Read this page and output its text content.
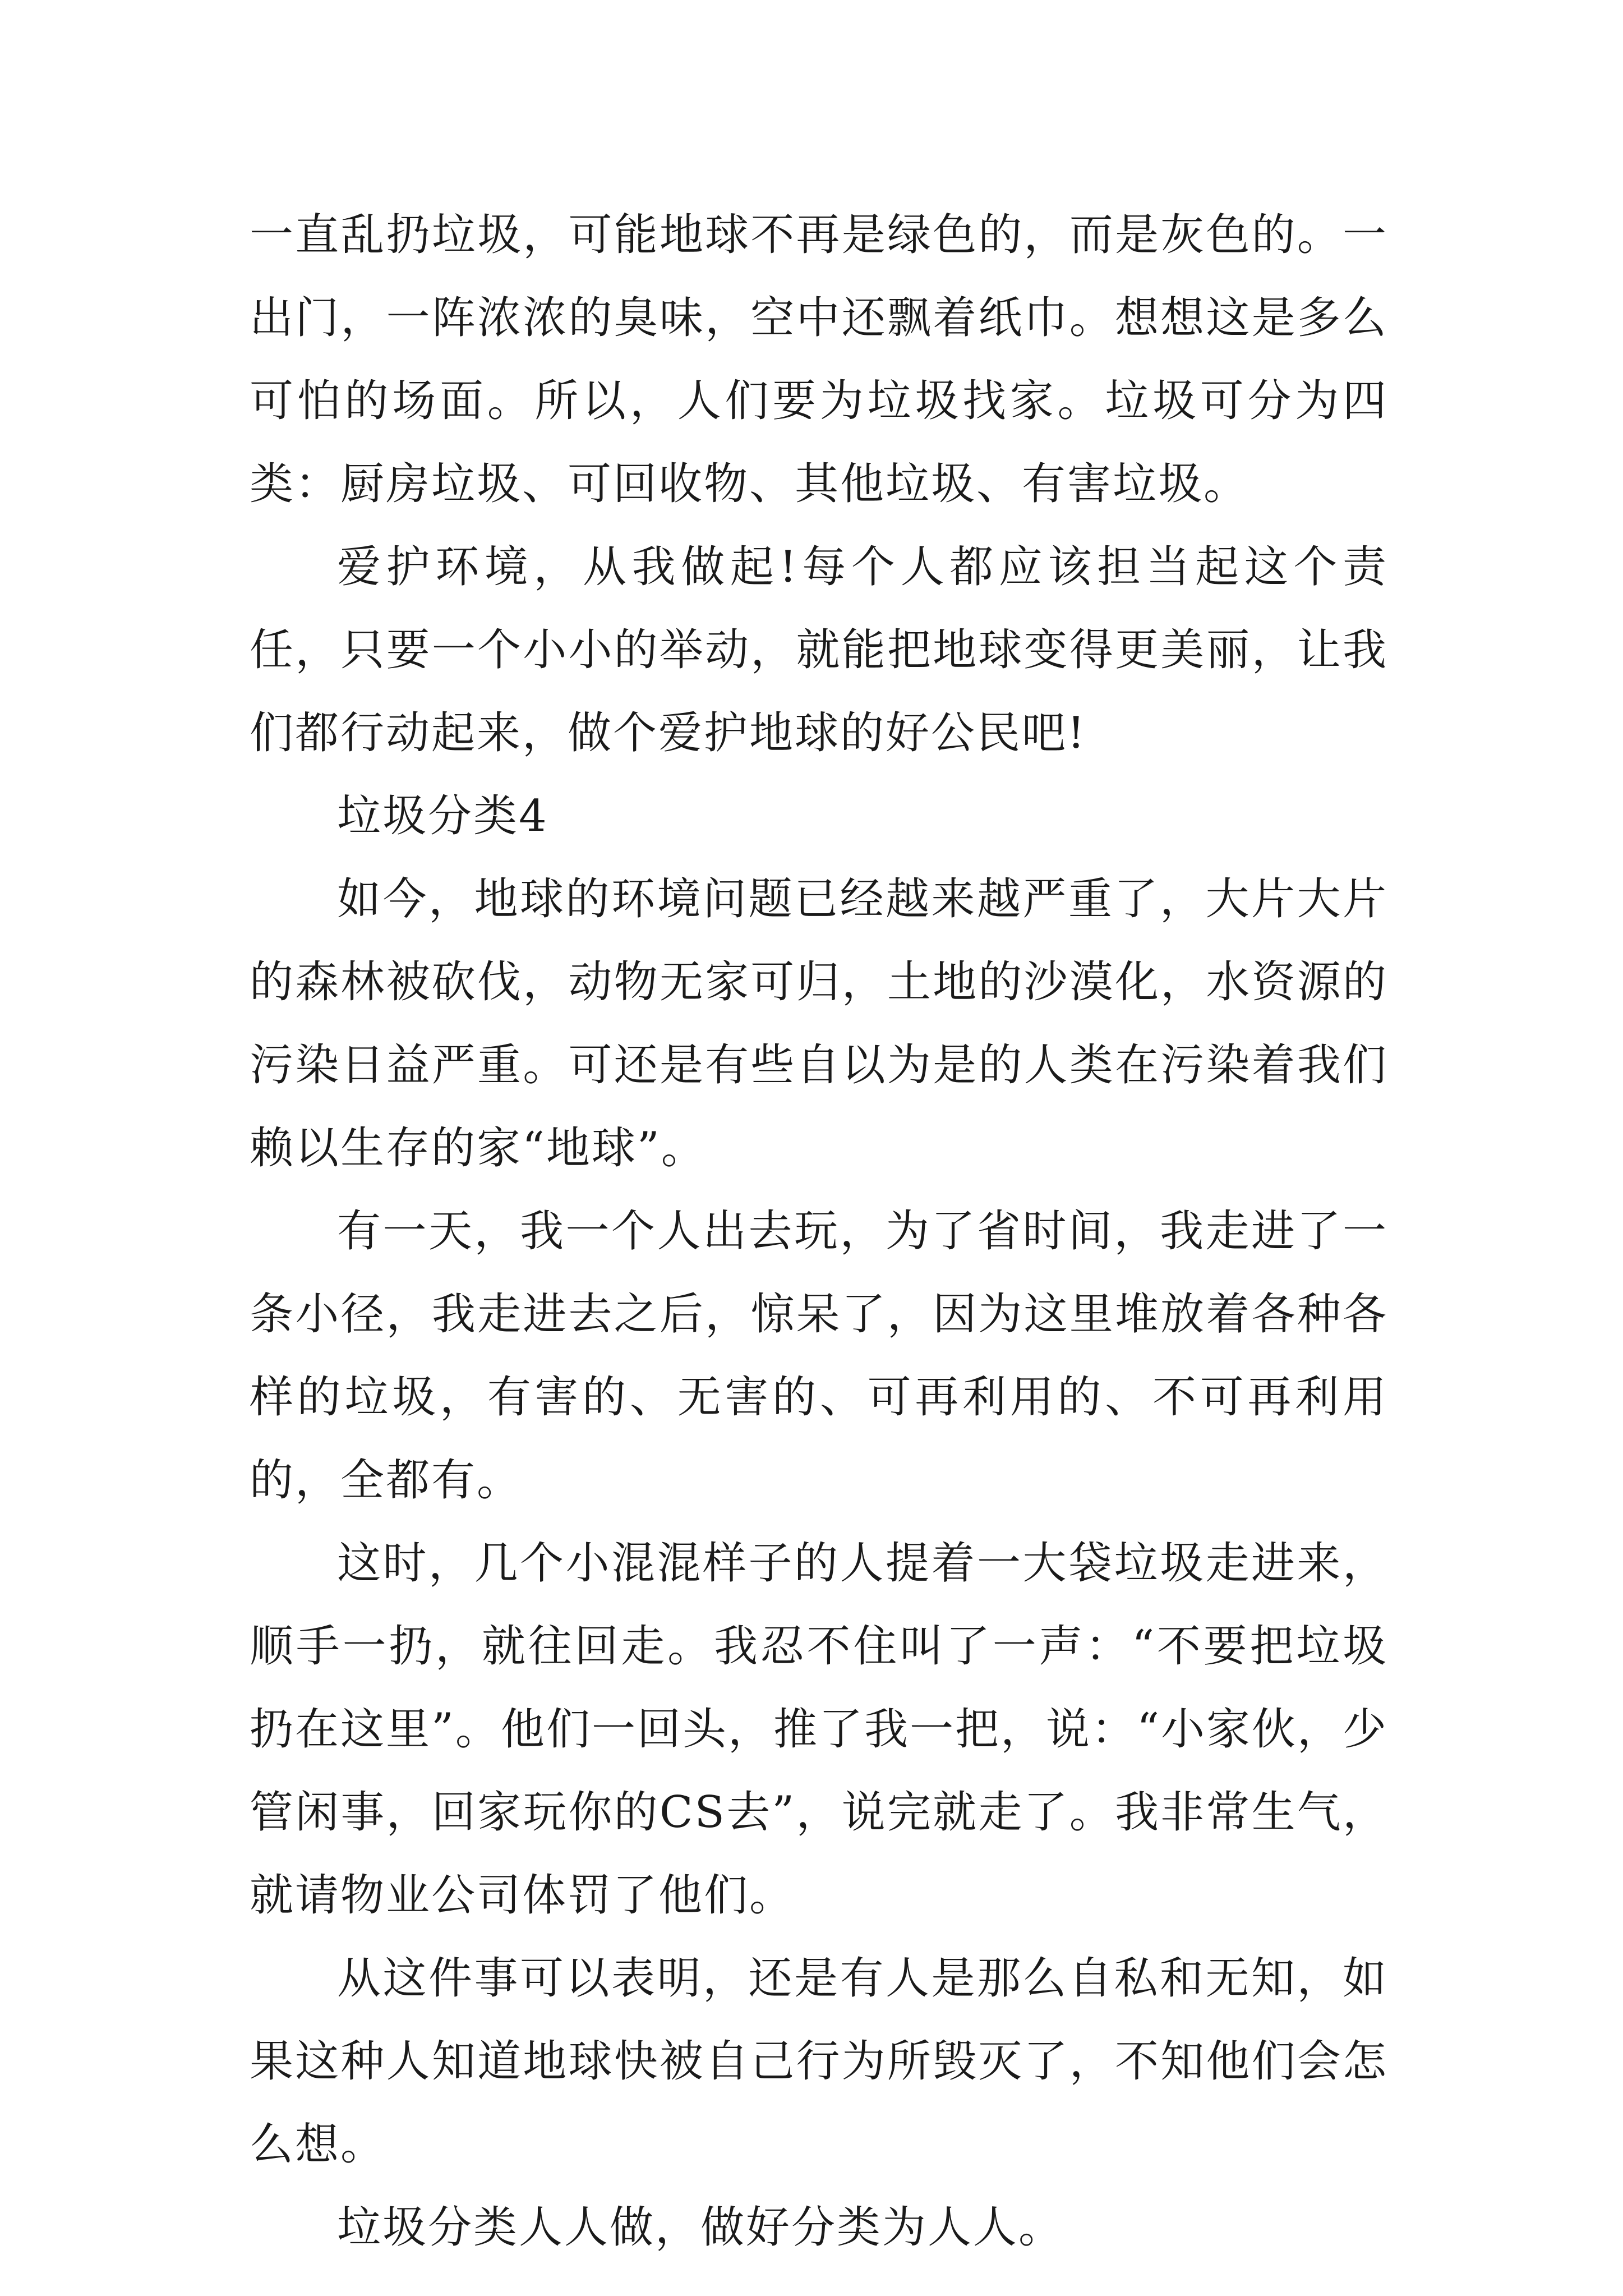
一直乱扔垃圾，可能地球不再是绿色的，而是灰色的。一出门，一阵浓浓的臭味，空中还飘着纸巾。想想这是多么可怕的场面。所以，人们要为垃圾找家。垃圾可分为四类：厨房垃圾、可回收物、其他垃圾、有害垃圾。

爱护环境，从我做起!每个人都应该担当起这个责任，只要一个小小的举动，就能把地球变得更美丽，让我们都行动起来，做个爱护地球的好公民吧!

垃圾分类4

如今，地球的环境问题已经越来越严重了，大片大片的森林被砍伐，动物无家可归，土地的沙漠化，水资源的污染日益严重。可还是有些自以为是的人类在污染着我们赖以生存的家“地球”。

有一天，我一个人出去玩，为了省时间，我走进了一条小径，我走进去之后，惊呆了，因为这里堆放着各种各样的垃圾，有害的、无害的、可再利用的、不可再利用的，全都有。

这时，几个小混混样子的人提着一大袋垃圾走进来，顺手一扔，就往回走。我忍不住叫了一声：“不要把垃圾扔在这里”。他们一回头，推了我一把，说：“小家伙，少管闲事，回家玩你的CS去”，说完就走了。我非常生气，就请物业公司体罚了他们。

从这件事可以表明，还是有人是那么自私和无知，如果这种人知道地球快被自己行为所毁灭了，不知他们会怎么想。

垃圾分类人人做，做好分类为人人。
